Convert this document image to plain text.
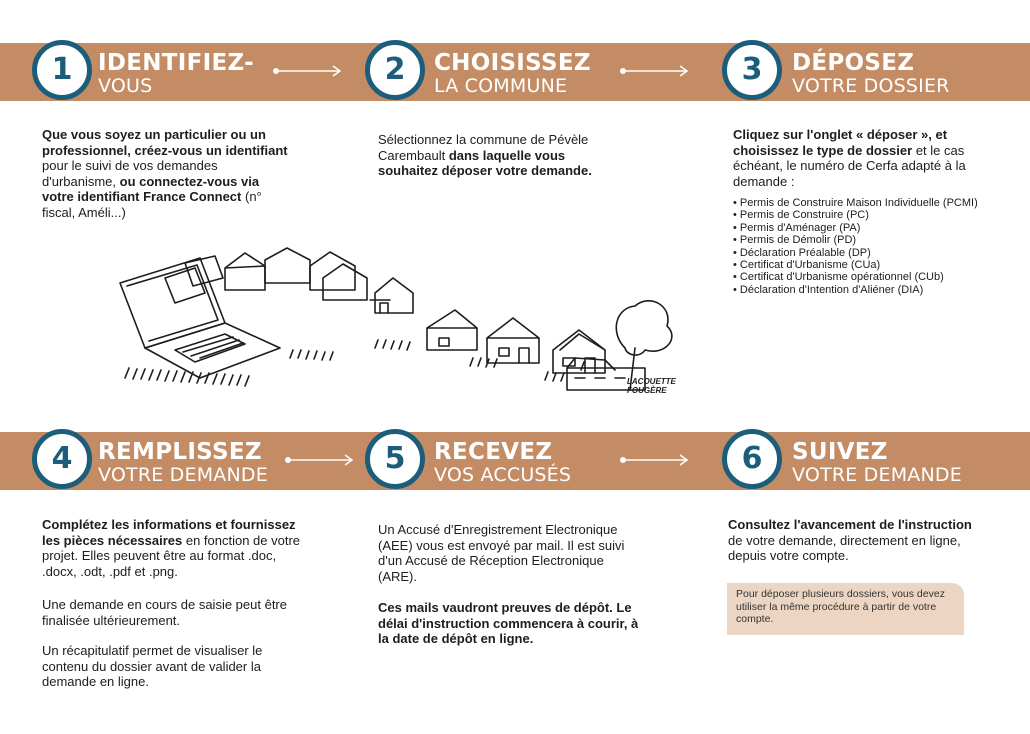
1	IDENTIFIEZ-
VOUS	2	CHOISISSEZ
LA COMMUNE	3	DÉPOSEZ
VOTRE DOSSIER
4	REMPLISSEZ
VOTRE DEMANDE	5	RECEVEZ
VOS ACCUSÉS	6	SUIVEZ
VOTRE DEMANDE

Que vous soyez un particulier ou un professionnel, créez-vous un identifiant pour le suivi de vos demandes d'urbanisme, ou connectez-vous via votre identifiant France Connect (n° fiscal, Améli...)

Sélectionnez la commune de Pévèle Carembault dans laquelle vous souhaitez déposer votre demande.

Cliquez sur l'onglet « déposer », et choisissez le type de dossier et le cas échéant, le numéro de Cerfa adapté à la demande :

• Permis de Construire Maison Individuelle (PCMI)
• Permis de Construire (PC)
• Permis d'Aménager (PA)
• Permis de Démolir (PD)
• Déclaration Préalable (DP)
• Certificat d'Urbanisme (CUa)
• Certificat d'Urbanisme opérationnel (CUb)
• Déclaration d'Intention d'Aliéner (DIA)
LACOUETTE FOUGÈRE

Complétez les informations et fournissez les pièces nécessaires en fonction de votre projet. Elles peuvent être au format .doc, .docx, .odt, .pdf et .png.

Une demande en cours de saisie peut être finalisée ultérieurement.

Un récapitulatif permet de visualiser le contenu du dossier avant de valider la demande en ligne.

Un Accusé d'Enregistrement Electronique (AEE) vous est envoyé par mail. Il est suivi d'un Accusé de Réception Electronique (ARE).

Ces mails vaudront preuves de dépôt. Le délai d'instruction commencera à courir, à la date de dépôt en ligne.

Consultez l'avancement de l'instruction de votre demande, directement en ligne, depuis votre compte.

Pour déposer plusieurs dossiers, vous devez utiliser la même procédure à partir de votre compte.
